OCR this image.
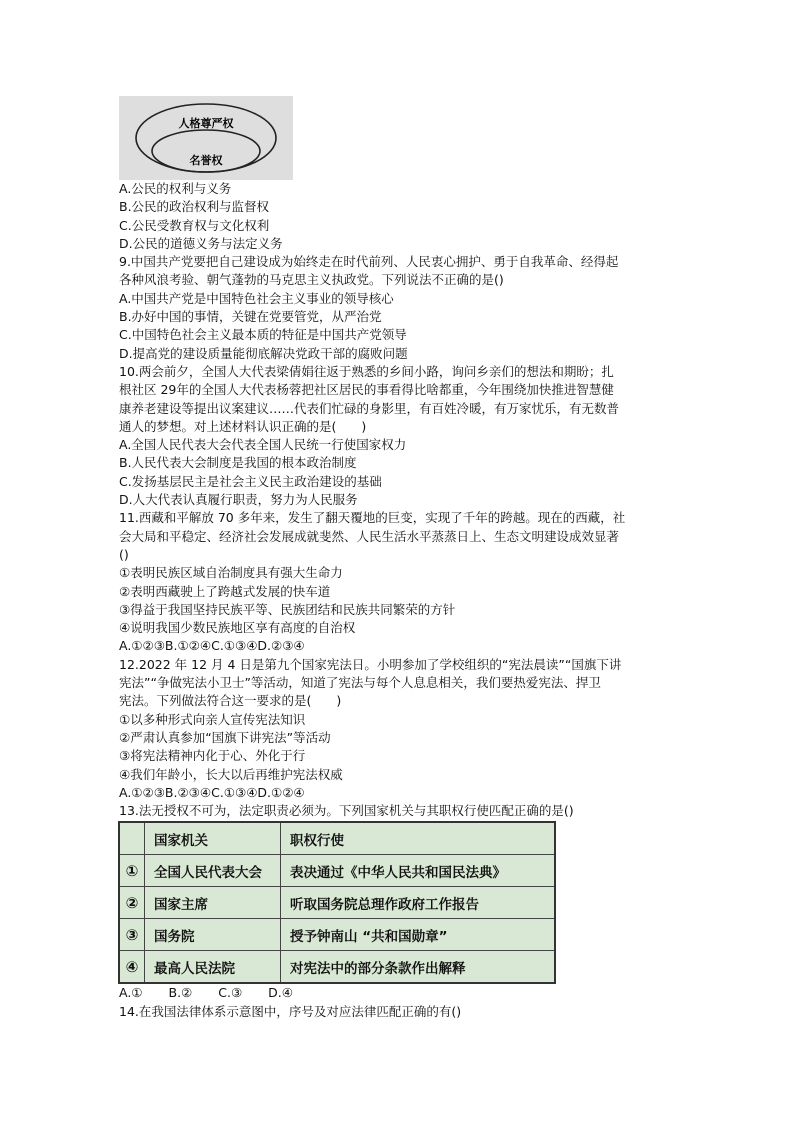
人格尊严权
名誉权
A.公民的权利与义务
B.公民的政治权利与监督权
C.公民受教育权与文化权利
D.公民的道德义务与法定义务
9.中国共产党要把自己建设成为始终走在时代前列、人民衷心拥护、勇于自我革命、经得起
各种风浪考验、朝气蓬勃的马克思主义执政党。下列说法不正确的是()
A.中国共产党是中国特色社会主义事业的领导核心
B.办好中国的事情，关键在党要管党，从严治党
C.中国特色社会主义最本质的特征是中国共产党领导
D.提高党的建设质量能彻底解决党政干部的腐败问题
10.两会前夕，全国人大代表梁倩娟往返于熟悉的乡间小路，询问乡亲们的想法和期盼；扎
根社区 29年的全国人大代表杨蓉把社区居民的事看得比啥都重，今年围绕加快推进智慧健
康养老建设等提出议案建议……代表们忙碌的身影里，有百姓冷暖，有万家忧乐，有无数普
通人的梦想。对上述材料认识正确的是(　　)
A.全国人民代表大会代表全国人民统一行使国家权力
B.人民代表大会制度是我国的根本政治制度
C.发扬基层民主是社会主义民主政治建设的基础
D.人大代表认真履行职责，努力为人民服务
11.西藏和平解放 70 多年来，发生了翻天覆地的巨变，实现了千年的跨越。现在的西藏，社
会大局和平稳定、经济社会发展成就斐然、人民生活水平蒸蒸日上、生态文明建设成效显著
()
①表明民族区域自治制度具有强大生命力
②表明西藏驶上了跨越式发展的快车道
③得益于我国坚持民族平等、民族团结和民族共同繁荣的方针
④说明我国少数民族地区享有高度的自治权
A.①②③B.①②④C.①③④D.②③④
12.2022 年 12 月 4 日是第九个国家宪法日。小明参加了学校组织的“宪法晨读”“国旗下讲
宪法”“争做宪法小卫士”等活动，知道了宪法与每个人息息相关，我们要热爱宪法、捍卫
宪法。下列做法符合这一要求的是(　　)
①以多种形式向亲人宣传宪法知识
②严肃认真参加“国旗下讲宪法”等活动
③将宪法精神内化于心、外化于行
④我们年龄小，长大以后再维护宪法权威
A.①②③B.②③④C.①③④D.①②④
13.法无授权不可为，法定职责必须为。下列国家机关与其职权行使匹配正确的是()
	国家机关	职权行使
①	全国人民代表大会	表决通过《中华人民共和国民法典》
②	国家主席	听取国务院总理作政府工作报告
③	国务院	授予钟南山 “共和国勋章”
④	最高人民法院	对宪法中的部分条款作出解释
A.① B.② C.③ D.④
14.在我国法律体系示意图中，序号及对应法律匹配正确的有()
